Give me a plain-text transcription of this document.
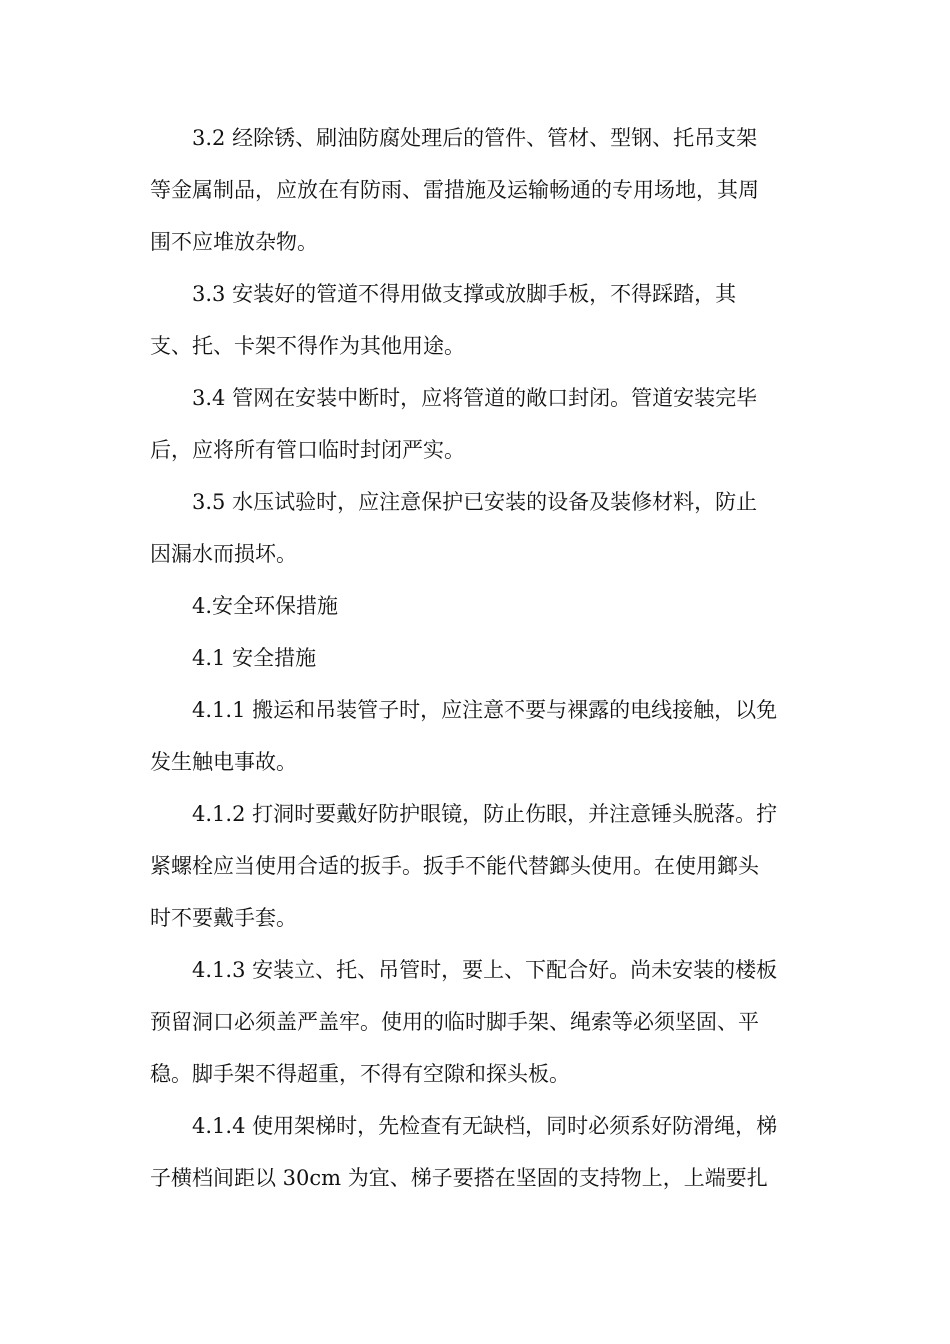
3.2 经除锈、刷油防腐处理后的管件、管材、型钢、托吊支架
等金属制品，应放在有防雨、雷措施及运输畅通的专用场地，其周
围不应堆放杂物。

3.3 安装好的管道不得用做支撑或放脚手板，不得踩踏，其
支、托、卡架不得作为其他用途。

3.4 管网在安装中断时，应将管道的敞口封闭。管道安装完毕
后，应将所有管口临时封闭严实。

3.5 水压试验时，应注意保护已安装的设备及装修材料，防止
因漏水而损坏。

4.安全环保措施

4.1 安全措施

4.1.1 搬运和吊装管子时，应注意不要与裸露的电线接触，以免
发生触电事故。

4.1.2 打洞时要戴好防护眼镜，防止伤眼，并注意锤头脱落。拧
紧螺栓应当使用合适的扳手。扳手不能代替鎯头使用。在使用鎯头
时不要戴手套。

4.1.3 安装立、托、吊管时，要上、下配合好。尚未安装的楼板
预留洞口必须盖严盖牢。使用的临时脚手架、绳索等必须坚固、平
稳。脚手架不得超重，不得有空隙和探头板。

4.1.4 使用架梯时，先检查有无缺档，同时必须系好防滑绳，梯
子横档间距以 30cm 为宜、梯子要搭在坚固的支持物上，上端要扎
